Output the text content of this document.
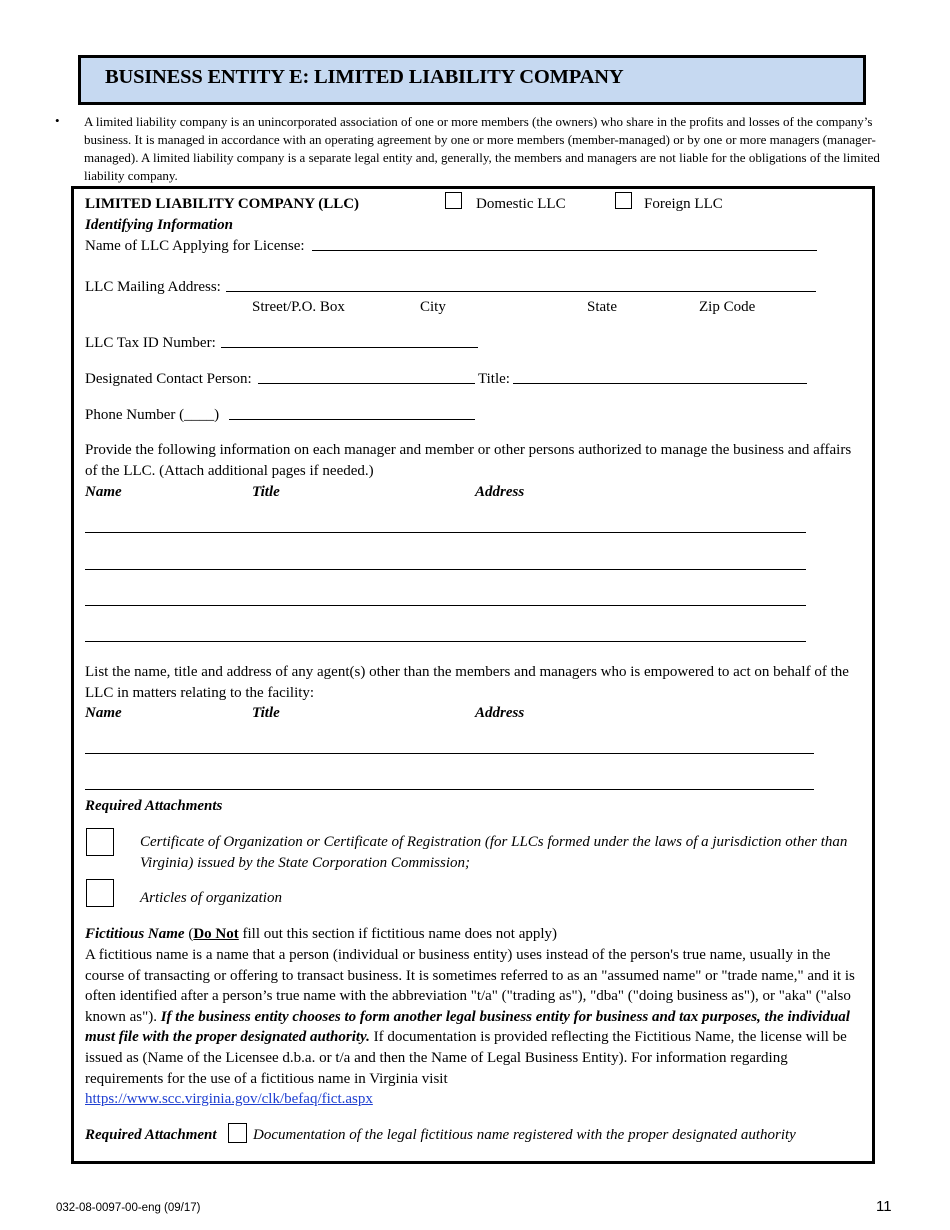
BUSINESS ENTITY E: LIMITED LIABILITY COMPANY
• A limited liability company is an unincorporated association of one or more members (the owners) who share in the profits and losses of the company’s business. It is managed in accordance with an operating agreement by one or more members (member-managed) or by one or more managers (manager-managed). A limited liability company is a separate legal entity and, generally, the members and managers are not liable for the obligations of the limited liability company.
LIMITED LIABILITY COMPANY (LLC)	Domestic LLC	Foreign LLC
Identifying Information
Name of LLC Applying for License:
LLC Mailing Address:
Street/P.O. Box	City	State	Zip Code
LLC Tax ID Number:
Designated Contact Person:	Title:
Phone Number (____)
Provide the following information on each manager and member or other persons authorized to manage the business and affairs of the LLC. (Attach additional pages if needed.)
Name	Title	Address
List the name, title and address of any agent(s) other than the members and managers who is empowered to act on behalf of the LLC in matters relating to the facility:
Name	Title	Address
Required Attachments
Certificate of Organization or Certificate of Registration (for LLCs formed under the laws of a jurisdiction other than Virginia) issued by the State Corporation Commission;
Articles of organization
Fictitious Name (Do Not fill out this section if fictitious name does not apply)
A fictitious name is a name that a person (individual or business entity) uses instead of the person's true name, usually in the course of transacting or offering to transact business. It is sometimes referred to as an "assumed name" or "trade name," and it is often identified after a person’s true name with the abbreviation "t/a" ("trading as"), "dba" ("doing business as"), or "aka" ("also known as"). If the business entity chooses to form another legal business entity for business and tax purposes, the individual must file with the proper designated authority. If documentation is provided reflecting the Fictitious Name, the license will be issued as (Name of the Licensee d.b.a. or t/a and then the Name of Legal Business Entity). For information regarding requirements for the use of a fictitious name in Virginia visit
https://www.scc.virginia.gov/clk/befaq/fict.aspx
Required Attachment Documentation of the legal fictitious name registered with the proper designated authority
032-08-0097-00-eng (09/17)	11
